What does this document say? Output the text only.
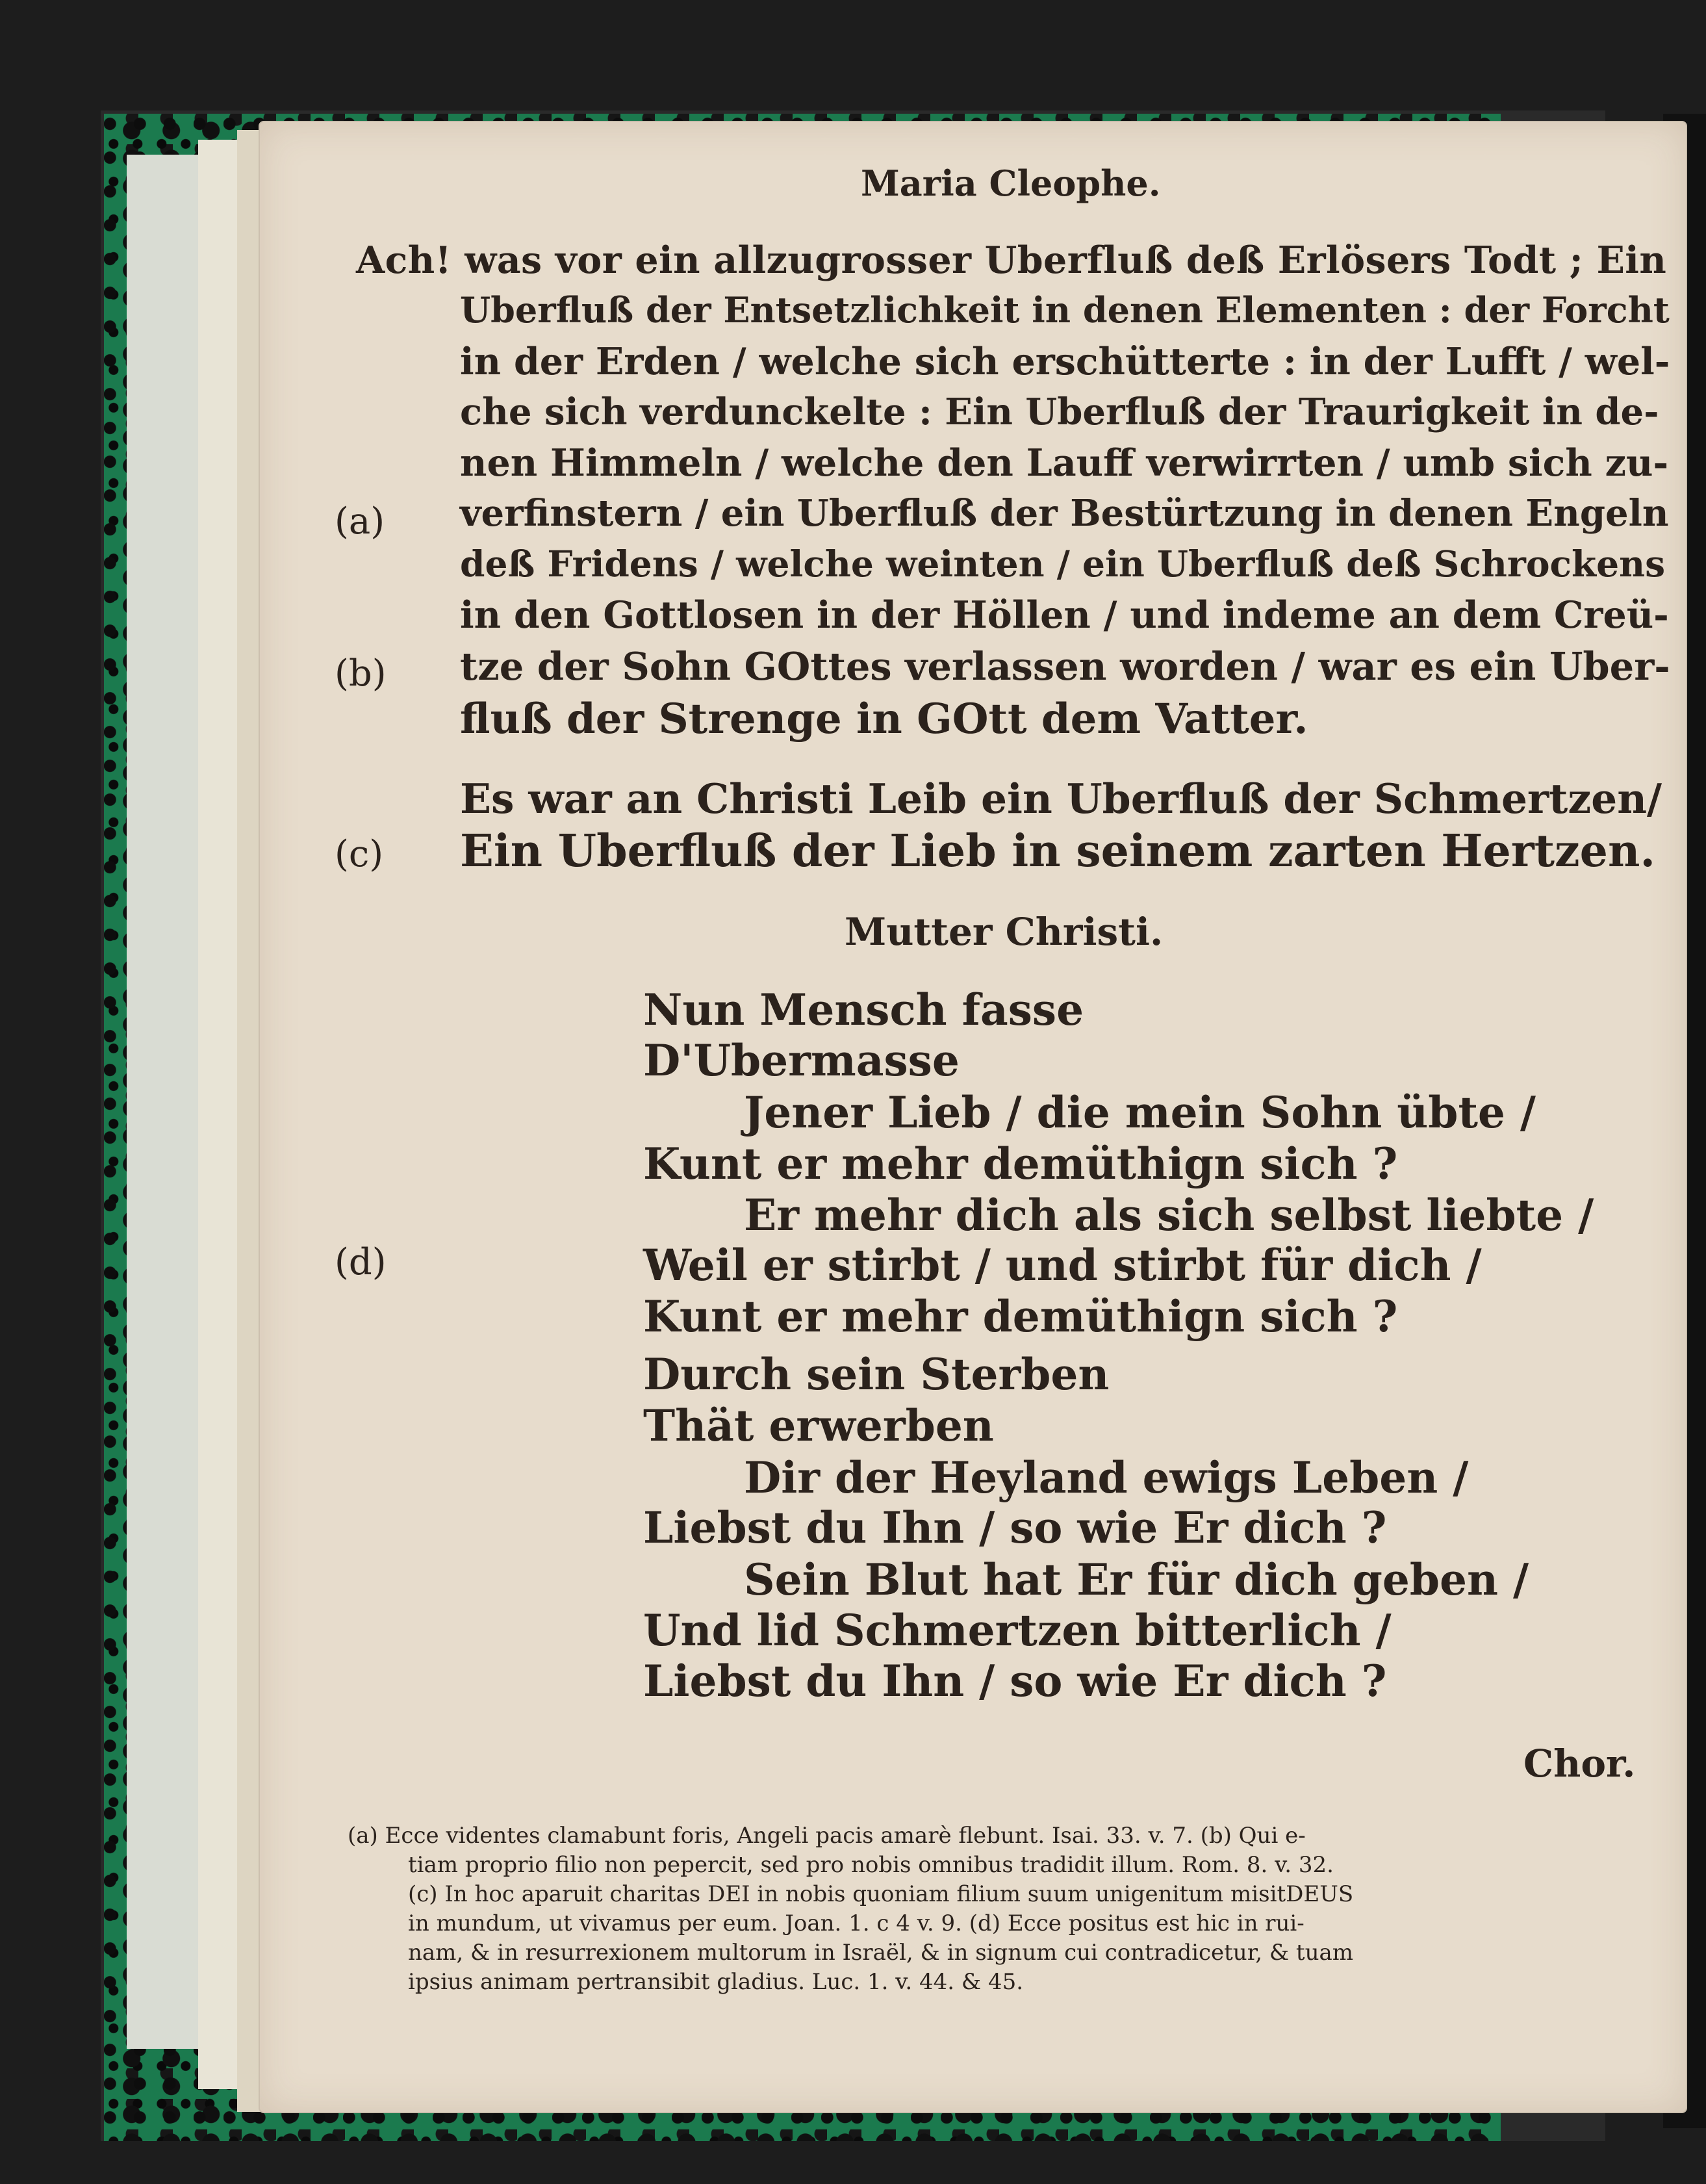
Maria Cleophe.
Ach! was vor ein allzugrosser Uberfluß deß Erlösers Todt ; Ein
Uberfluß der Entsetzlichkeit in denen Elementen : der Forcht
in der Erden / welche sich erschütterte : in der Lufft / wel-
che sich verdunckelte : Ein Uberfluß der Traurigkeit in de-
nen Himmeln / welche den Lauff verwirrten / umb sich zu-
verfinstern / ein Uberfluß der Bestürtzung in denen Engeln
deß Fridens / welche weinten / ein Uberfluß deß Schrockens
in den Gottlosen in der Höllen / und indeme an dem Creü-
tze der Sohn GOttes verlassen worden / war es ein Uber-
fluß der Strenge in GOtt dem Vatter.
Es war an Christi Leib ein Uberfluß der Schmertzen/
Ein Uberfluß der Lieb in seinem zarten Hertzen.
(a)
(b)
(c)
(d)
Mutter Christi.
Nun Mensch fasse
D'Ubermasse
Jener Lieb / die mein Sohn übte /
Kunt er mehr demüthign sich ?
Er mehr dich als sich selbst liebte /
Weil er stirbt / und stirbt für dich /
Kunt er mehr demüthign sich ?
Durch sein Sterben
Thät erwerben
Dir der Heyland ewigs Leben /
Liebst du Ihn / so wie Er dich ?
Sein Blut hat Er für dich geben /
Und lid Schmertzen bitterlich /
Liebst du Ihn / so wie Er dich ?
Chor.
(a) Ecce videntes clamabunt foris, Angeli pacis amarè flebunt. Isai. 33. v. 7. (b) Qui e-
tiam proprio filio non pepercit, sed pro nobis omnibus tradidit illum. Rom. 8. v. 32.
(c) In hoc aparuit charitas DEI in nobis quoniam filium suum unigenitum misitDEUS
in mundum, ut vivamus per eum. Joan. 1. c 4 v. 9. (d) Ecce positus est hic in rui-
nam, & in resurrexionem multorum in Israël, & in signum cui contradicetur, & tuam
ipsius animam pertransibit gladius. Luc. 1. v. 44. & 45.
